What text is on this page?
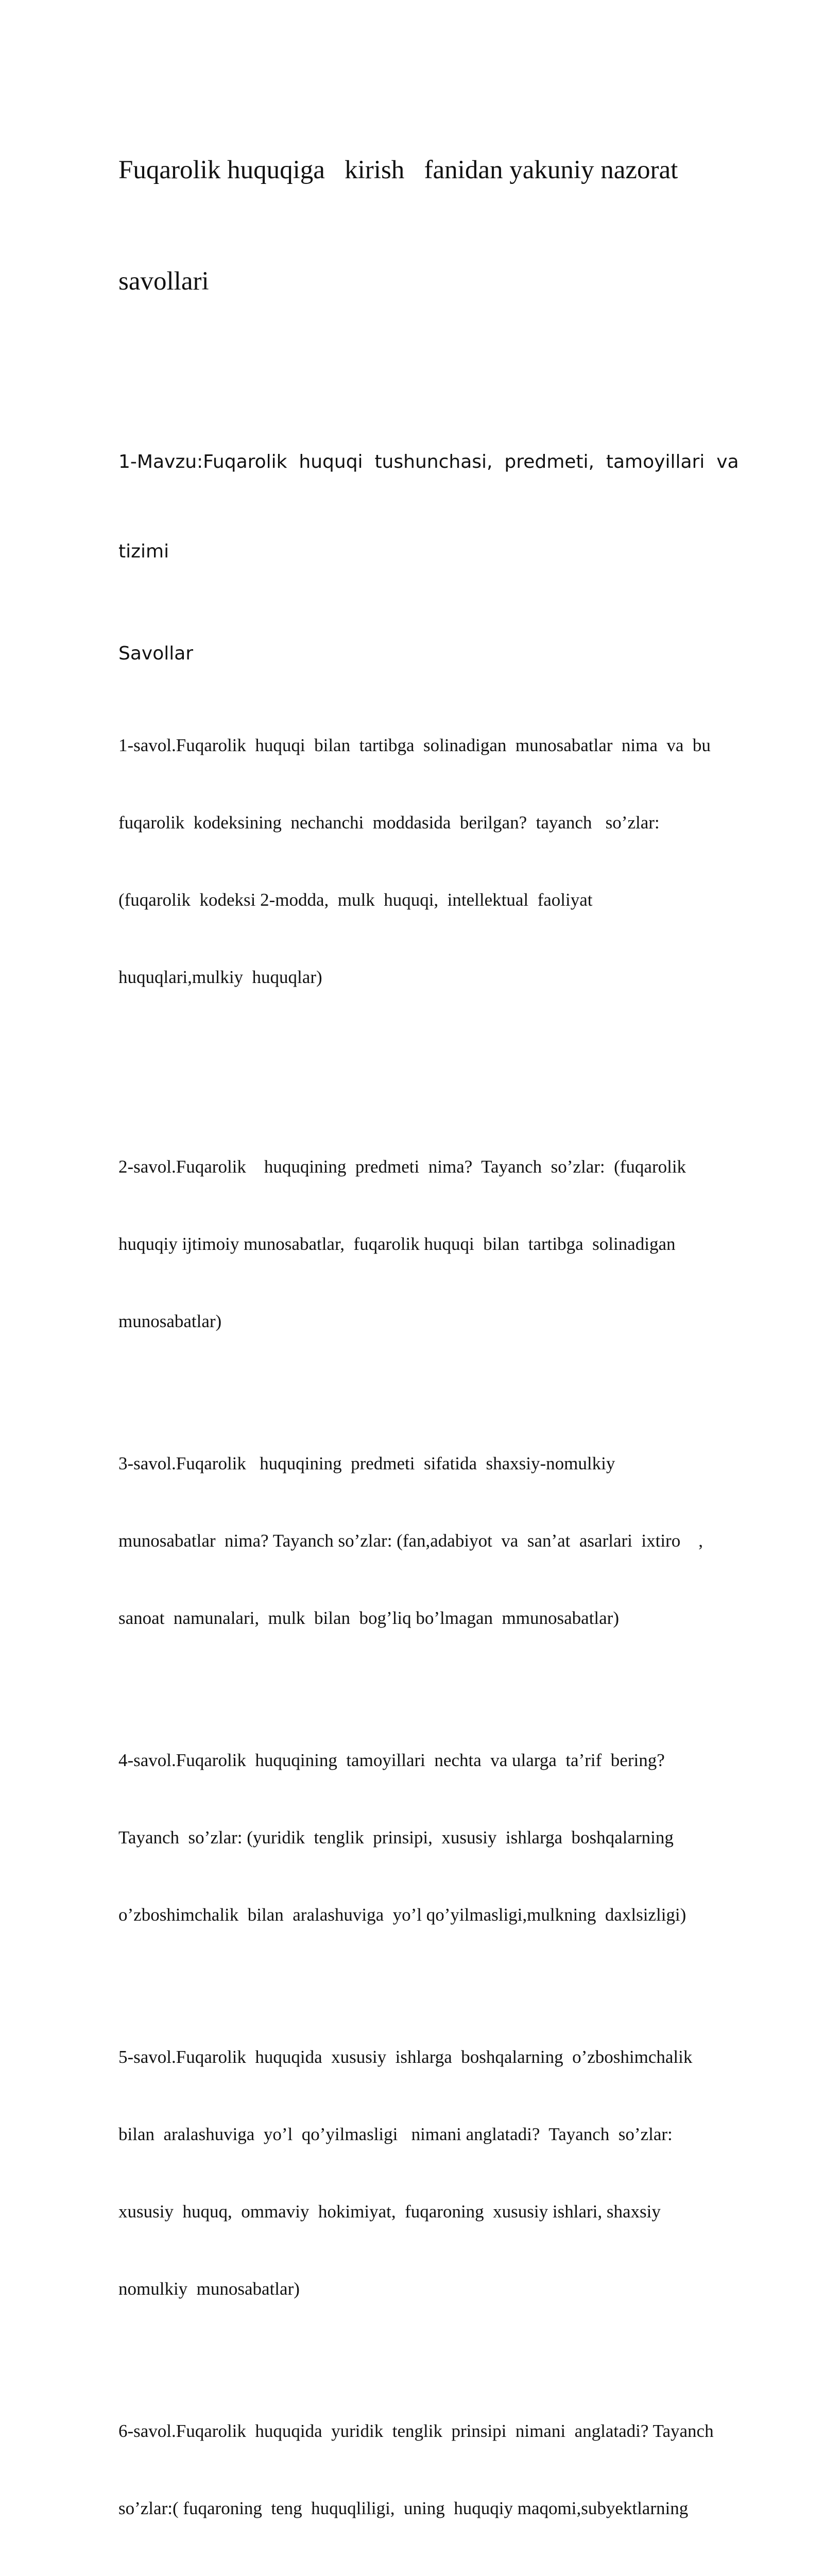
Fuqarolik huquqiga   kirish   fanidan yakuniy nazorat

savollari

1-Mavzu:Fuqarolik  huquqi  tushunchasi,  predmeti,  tamoyillari  va

tizimi

Savollar

1-savol.Fuqarolik  huquqi  bilan  tartibga  solinadigan  munosabatlar  nima  va  bu

fuqarolik  kodeksining  nechanchi  moddasida  berilgan?  tayanch   so’zlar:

(fuqarolik  kodeksi 2-modda,  mulk  huquqi,  intellektual  faoliyat

huquqlari,mulkiy  huquqlar)

2-savol.Fuqarolik    huquqining  predmeti  nima?  Tayanch  so’zlar:  (fuqarolik

huquqiy ijtimoiy munosabatlar,  fuqarolik huquqi  bilan  tartibga  solinadigan

munosabatlar)

3-savol.Fuqarolik   huquqining  predmeti  sifatida  shaxsiy-nomulkiy

munosabatlar  nima? Tayanch so’zlar: (fan,adabiyot  va  san’at  asarlari  ixtiro    ,

sanoat  namunalari,  mulk  bilan  bog’liq bo’lmagan  mmunosabatlar)

4-savol.Fuqarolik  huquqining  tamoyillari  nechta  va ularga  ta’rif  bering?

Tayanch  so’zlar: (yuridik  tenglik  prinsipi,  xususiy  ishlarga  boshqalarning

o’zboshimchalik  bilan  aralashuviga  yo’l qo’yilmasligi,mulkning  daxlsizligi)

5-savol.Fuqarolik  huquqida  xususiy  ishlarga  boshqalarning  o’zboshimchalik

bilan  aralashuviga  yo’l  qo’yilmasligi   nimani anglatadi?  Tayanch  so’zlar:

xususiy  huquq,  ommaviy  hokimiyat,  fuqaroning  xususiy ishlari, shaxsiy

nomulkiy  munosabatlar)

6-savol.Fuqarolik  huquqida  yuridik  tenglik  prinsipi  nimani  anglatadi? Tayanch

so’zlar:( fuqaroning  teng  huquqliligi,  uning  huquqiy maqomi,subyektlarning
